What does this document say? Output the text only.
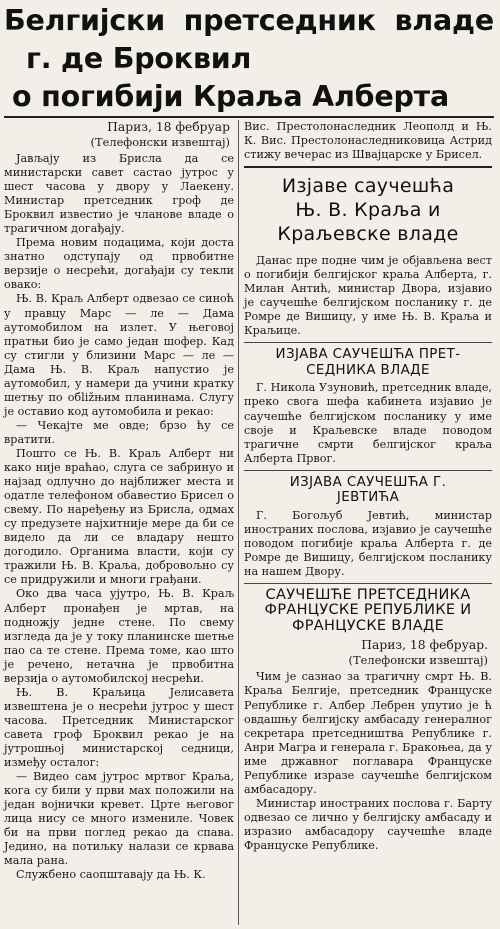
Белгијски претседник владе
г. де Броквил
о погибији Краља Алберта
Париз, 18 фебруар
(Телефонски извештај)

Јављају из Брисла да се министарски савет састао јутрос у шест часова у двору у Лаекену. Министар претседник гроф де Броквил известио је чланове владе о трагичном догађају.

Према новим подацима, који доста знатно одступају од првобитне верзије о несрећи, догађаји су текли овако:

Њ. В. Краљ Алберт одвезао се синоћ у правцу Марс — ле — Дама аутомобилом на излет. У његовој пратњи био је само један шофер. Кад су стигли у близини Марс — ле — Дама Њ. В. Краљ напустио је аутомобил, у намери да учини кратку шетњу по обližњим планинама. Слугу је оставио код аутомобила и рекао:

— Чекајте ме овде; брзо ћу се вратити.

Пошто се Њ. В. Краљ Алберт ни како није враћао, слуга се забринуо и најзад одлучно до најближег места и одатле телефоном обавестио Брисел о свему. По наређењу из Брисла, одмах су предузете најхитније мере да би се видело да ли се владару нешто догодило. Органима власти, који су тражили Њ. В. Краља, добровољно су се придружили и многи грађани.

Око два часа ујутро, Њ. В. Краљ Алберт пронађен је мртав, на подножју једне стене. По свему изгледа да је у току планинске шетње пао са те стене. Према томе, као што је речено, нетачна је првобитна верзија о аутомобилској несрећи.

Њ. В. Краљица Јелисавета извештена је о несрећи јутрос у шест часова. Претседник Министарског савета гроф Броквил рекао је на јутрошњој министарској седници, између осталог:

— Видео сам јутрос мртвог Краља, кога су били у први мах положили на један војнички кревет. Црте његовог лица нису се много измениле. Човек би на први поглед рекао да спава. Једино, на потиљку налази се крвава мала рана.

Службено саопштавају да Њ. К.

Вис. Престолонаследник Леополд и Њ. К. Вис. Престолонаследниковица Астрид стижу вечерас из Швајцарске у Брисел.

Изјаве саучешћа
Њ. В. Краља и
Краљевске владе

Данас пре подне чим је објављена вест о погибији белгијског краља Алберта, г. Милан Антић, министар Двора, изјавио је саучешће белгијском посланику г. де Ромре де Вишицу, у име Њ. В. Краља и Краљице.

ИЗЈАВА САУЧЕШЋА ПРЕТ-
СЕДНИКА ВЛАДЕ

Г. Никола Узуновић, претседник владе, преко свога шефа кабинета изјавио је саучешће белгијском посланику у име своје и Краљевске владе поводом трагичне смрти белгијског краља Алберта Првог.

ИЗЈАВА САУЧЕШЋА Г.
ЈЕВТИЋА

Г. Богољуб Јевтић, министар иностраних послова, изјавио је саучешће поводом погибије краља Алберта г. де Ромре де Вишицу, белгијском посланику на нашем Двору.

САУЧЕШЋЕ ПРЕТСЕДНИКА
ФРАНЦУСКЕ РЕПУБЛИКЕ И
ФРАНЦУСКЕ ВЛАДЕ
Париз, 18 фебруар.
(Телефонски извештај)

Чим је сазнао за трагичну смрт Њ. В. Краља Белгије, претседник Француске Републике г. Албер Лебрен упутио је ћ овдашњу белгијску амбасаду генералног секретара претседништва Републике г. Анри Магра и генерала г. Бракоњеа, да у име државног поглавара Француске Републике изразе саучешће белгијском амбасадору.

Министар иностраних послова г. Барту одвезао се лично у белгијску амбасаду и изразио амбасадору саучешће владе Француске Републике.
